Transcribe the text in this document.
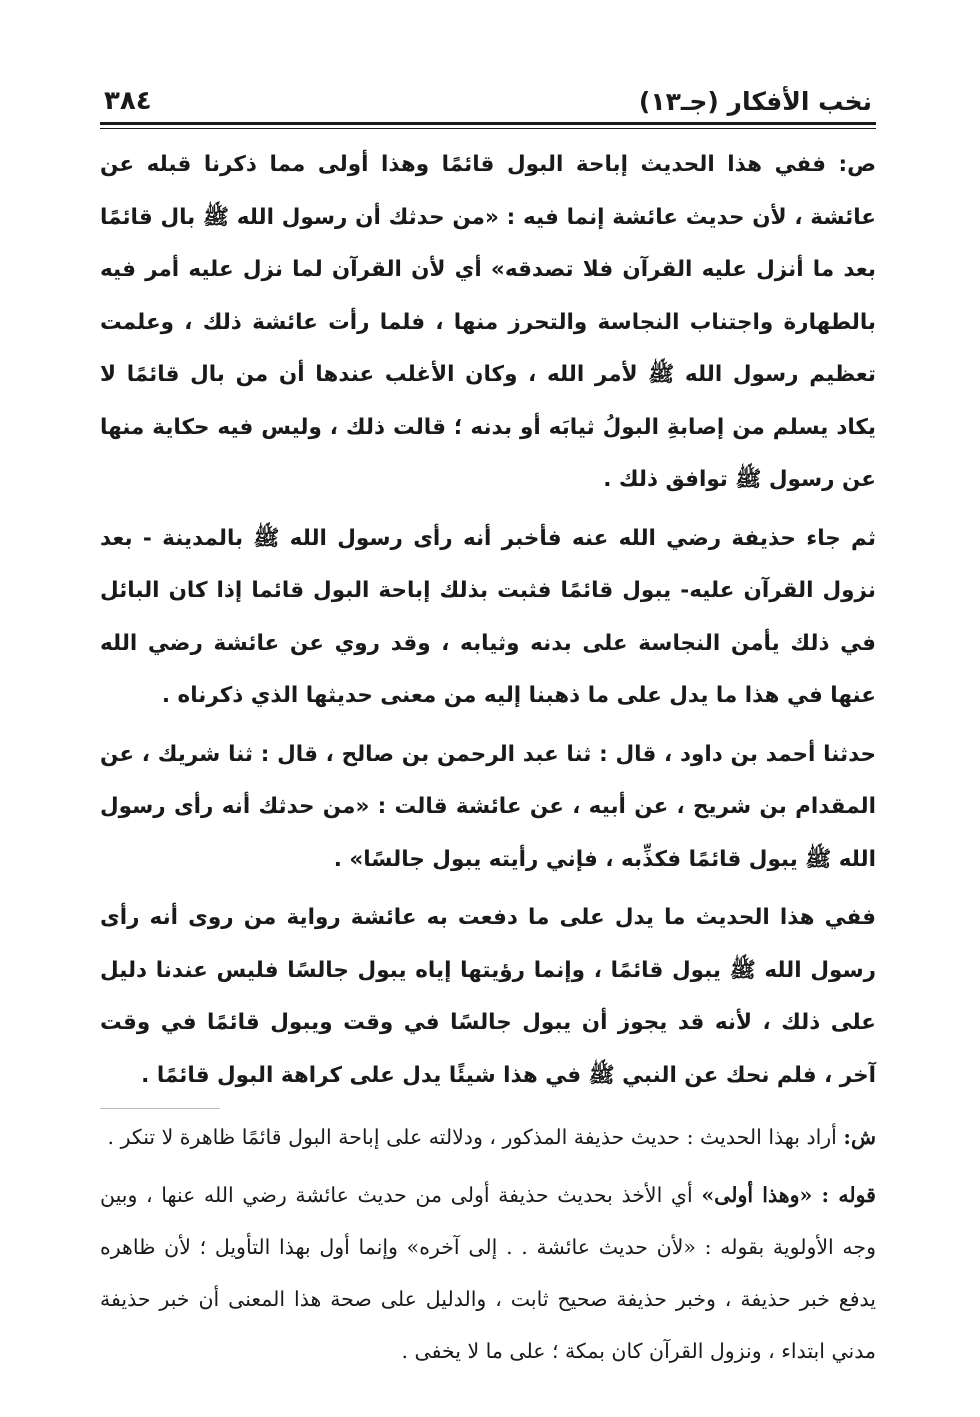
نخب الأفكار (جـ١٣)
٣٨٤

ص: ففي هذا الحديث إباحة البول قائمًا وهذا أولى مما ذكرنا قبله عن عائشة ، لأن حديث عائشة إنما فيه : «من حدثك أن رسول الله ﷺ بال قائمًا بعد ما أنزل عليه القرآن فلا تصدقه» أي لأن القرآن لما نزل عليه أمر فيه بالطهارة واجتناب النجاسة والتحرز منها ، فلما رأت عائشة ذلك ، وعلمت تعظيم رسول الله ﷺ لأمر الله ، وكان الأغلب عندها أن من بال قائمًا لا يكاد يسلم من إصابةِ البولُ ثيابَه أو بدنه ؛ قالت ذلك ، وليس فيه حكاية منها عن رسول ﷺ توافق ذلك .

ثم جاء حذيفة رضي الله عنه فأخبر أنه رأى رسول الله ﷺ بالمدينة - بعد نزول القرآن عليه- يبول قائمًا فثبت بذلك إباحة البول قائما إذا كان البائل في ذلك يأمن النجاسة على بدنه وثيابه ، وقد روي عن عائشة رضي الله عنها في هذا ما يدل على ما ذهبنا إليه من معنى حديثها الذي ذكرناه .

حدثنا أحمد بن داود ، قال : ثنا عبد الرحمن بن صالح ، قال : ثنا شريك ، عن المقدام بن شريح ، عن أبيه ، عن عائشة قالت : «من حدثك أنه رأى رسول الله ﷺ يبول قائمًا فكذِّبه ، فإني رأيته يبول جالسًا» .

ففي هذا الحديث ما يدل على ما دفعت به عائشة رواية من روى أنه رأى رسول الله ﷺ يبول قائمًا ، وإنما رؤيتها إياه يبول جالسًا فليس عندنا دليل على ذلك ، لأنه قد يجوز أن يبول جالسًا في وقت ويبول قائمًا في وقت آخر ، فلم نحك عن النبي ﷺ في هذا شيئًا يدل على كراهة البول قائمًا .

ش: أراد بهذا الحديث : حديث حذيفة المذكور ، ودلالته على إباحة البول قائمًا ظاهرة لا تنكر .

قوله : «وهذا أولى» أي الأخذ بحديث حذيفة أولى من حديث عائشة رضي الله عنها ، وبين وجه الأولوية بقوله : «لأن حديث عائشة . . إلى آخره» وإنما أول بهذا التأويل ؛ لأن ظاهره يدفع خبر حذيفة ، وخبر حذيفة صحيح ثابت ، والدليل على صحة هذا المعنى أن خبر حذيفة مدني ابتداء ، ونزول القرآن كان بمكة ؛ على ما لا يخفى .
